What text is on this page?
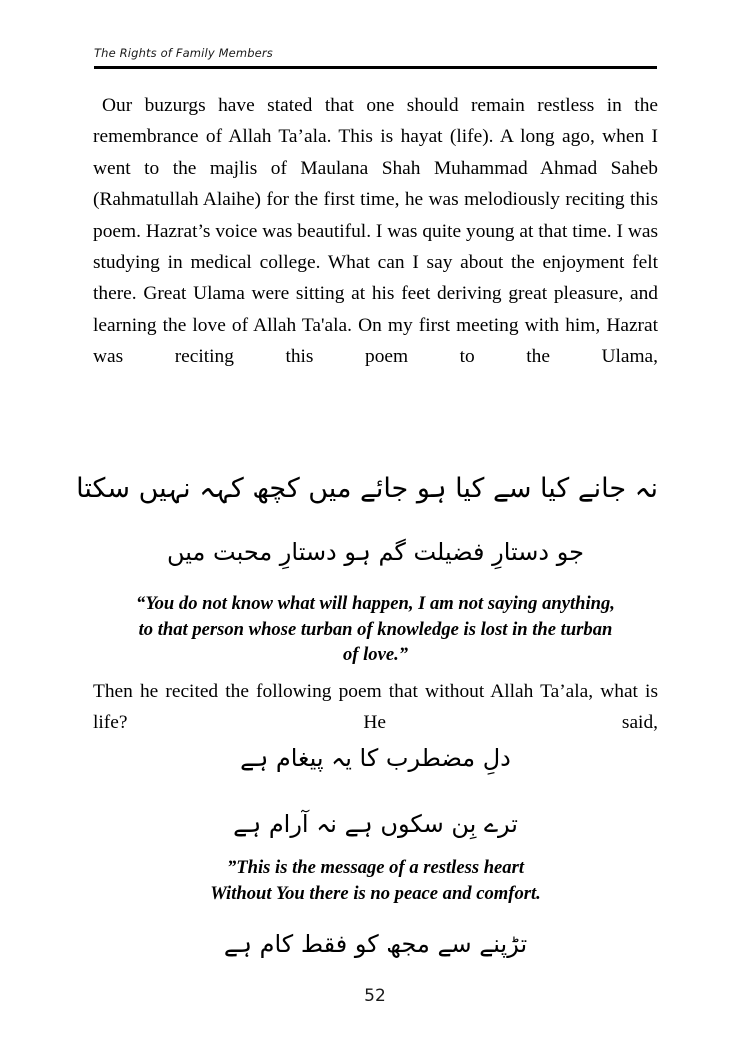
The Rights of Family Members

Our buzurgs have stated that one should remain restless in the remembrance of Allah Ta’ala. This is hayat (life). A long ago, when I went to the majlis of Maulana Shah Muhammad Ahmad Saheb (Rahmatullah Alaihe) for the first time, he was melodiously reciting this poem. Hazrat’s voice was beautiful. I was quite young at that time. I was studying in medical college. What can I say about the enjoyment felt there. Great Ulama were sitting at his feet deriving great pleasure, and learning the love of Allah Ta'ala. On my first meeting with him, Hazrat was reciting this poem to the Ulama,

نہ جانے کیا سے کیا ہو جائے میں کچھ کہہ نہیں سکتا
جو دستارِ فضیلت گم ہو دستارِ محبت میں
“You do not know what will happen, I am not saying anything,
to that person whose turban of knowledge is lost in the turban
of love.”

Then he recited the following poem that without Allah Ta’ala, what is life? He said,

دلِ مضطرب کا یہ پیغام ہے
ترے بِن سکوں ہے نہ آرام ہے
”This is the message of a restless heart
Without You there is no peace and comfort.
تڑپنے سے مجھ کو فقط کام ہے
52
